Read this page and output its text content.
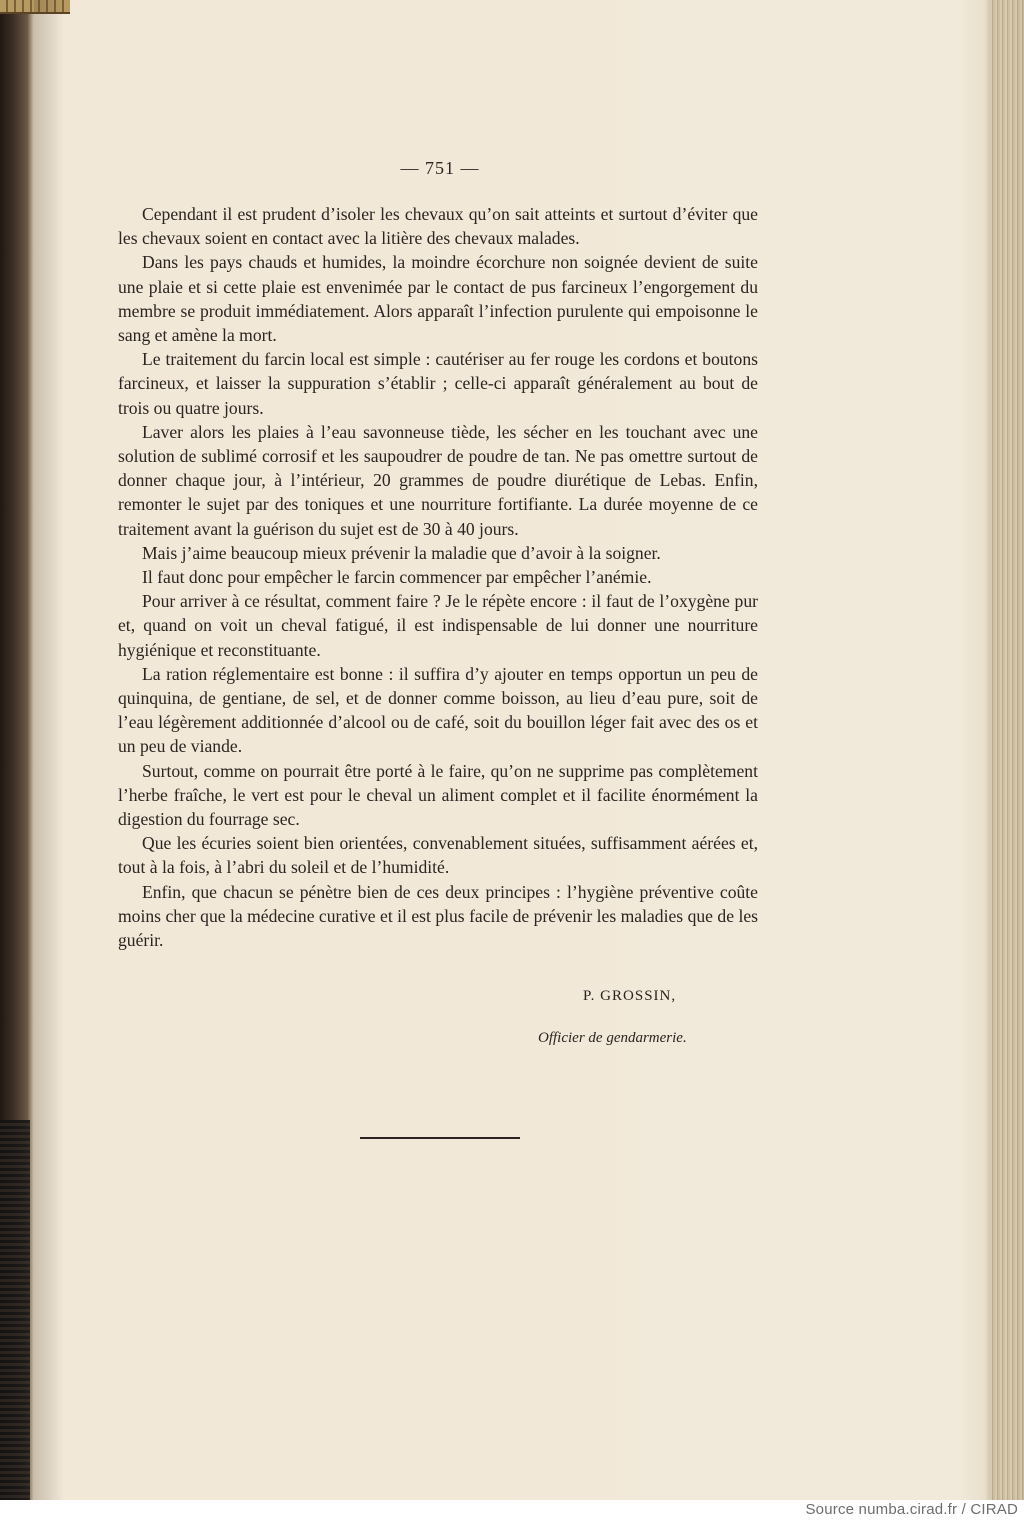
— 751 —

Cependant il est prudent d’isoler les chevaux qu’on sait atteints et surtout d’éviter que les chevaux soient en contact avec la litière des chevaux malades.

Dans les pays chauds et humides, la moindre écorchure non soignée devient de suite une plaie et si cette plaie est envenimée par le contact de pus farcineux l’engorgement du membre se produit immédiatement. Alors apparaît l’infection purulente qui empoisonne le sang et amène la mort.

Le traitement du farcin local est simple : cautériser au fer rouge les cordons et boutons farcineux, et laisser la suppuration s’établir ; celle-ci apparaît généralement au bout de trois ou quatre jours.

Laver alors les plaies à l’eau savonneuse tiède, les sécher en les touchant avec une solution de sublimé corrosif et les saupoudrer de poudre de tan. Ne pas omettre surtout de donner chaque jour, à l’intérieur, 20 grammes de poudre diurétique de Lebas. Enfin, remonter le sujet par des toniques et une nourriture fortifiante. La durée moyenne de ce traitement avant la guérison du sujet est de 30 à 40 jours.

Mais j’aime beaucoup mieux prévenir la maladie que d’avoir à la soigner.

Il faut donc pour empêcher le farcin commencer par empêcher l’anémie.

Pour arriver à ce résultat, comment faire ? Je le répète encore : il faut de l’oxygène pur et, quand on voit un cheval fatigué, il est indispensable de lui donner une nourriture hygiénique et reconstituante.

La ration réglementaire est bonne : il suffira d’y ajouter en temps opportun un peu de quinquina, de gentiane, de sel, et de donner comme boisson, au lieu d’eau pure, soit de l’eau légèrement additionnée d’alcool ou de café, soit du bouillon léger fait avec des os et un peu de viande.

Surtout, comme on pourrait être porté à le faire, qu’on ne supprime pas complètement l’herbe fraîche, le vert est pour le cheval un aliment complet et il facilite énormément la digestion du fourrage sec.

Que les écuries soient bien orientées, convenablement situées, suffisamment aérées et, tout à la fois, à l’abri du soleil et de l’humidité.

Enfin, que chacun se pénètre bien de ces deux principes : l’hygiène préventive coûte moins cher que la médecine curative et il est plus facile de prévenir les maladies que de les guérir.

P. GROSSIN,
Officier de gendarmerie.
Source numba.cirad.fr / CIRAD
